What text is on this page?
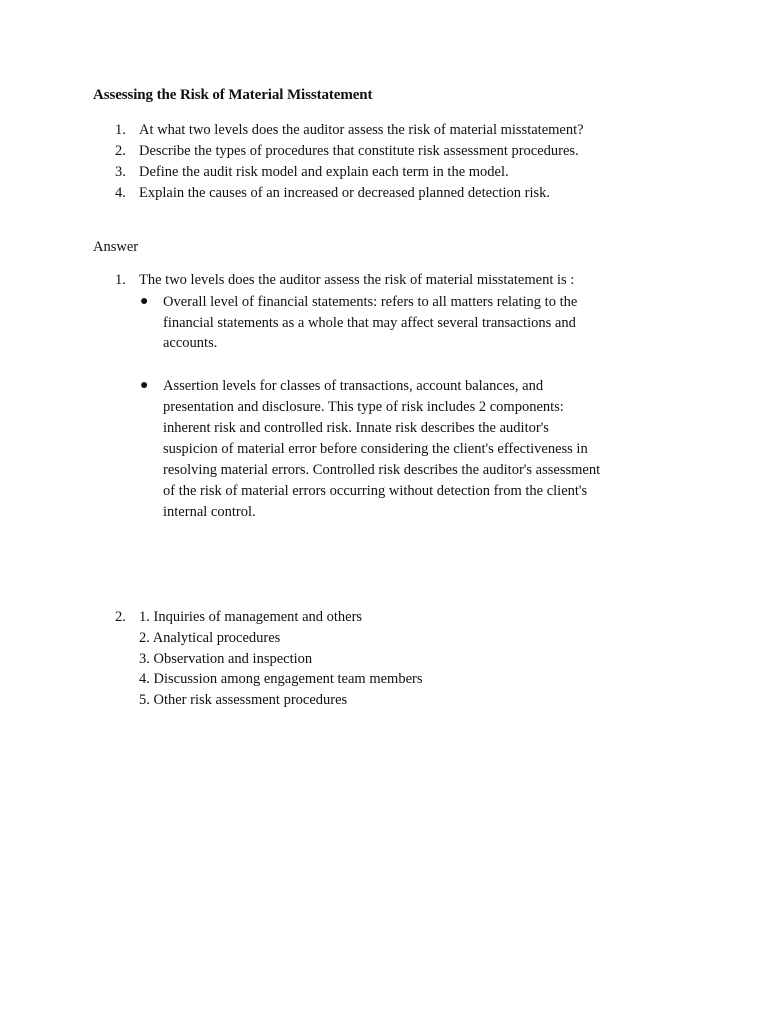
Assessing the Risk of Material Misstatement
1. At what two levels does the auditor assess the risk of material misstatement?
2. Describe the types of procedures that constitute risk assessment procedures.
3. Define the audit risk model and explain each term in the model.
4. Explain the causes of an increased or decreased planned detection risk.
Answer
1. The two levels does the auditor assess the risk of material misstatement is :
● Overall level of financial statements: refers to all matters relating to the
financial statements as a whole that may affect several transactions and
accounts.
● Assertion levels for classes of transactions, account balances, and
presentation and disclosure. This type of risk includes 2 components:
inherent risk and controlled risk. Innate risk describes the auditor's
suspicion of material error before considering the client's effectiveness in
resolving material errors. Controlled risk describes the auditor's assessment
of the risk of material errors occurring without detection from the client's
internal control.
2. 1. Inquiries of management and others
2. Analytical procedures
3. Observation and inspection
4. Discussion among engagement team members
5. Other risk assessment procedures
